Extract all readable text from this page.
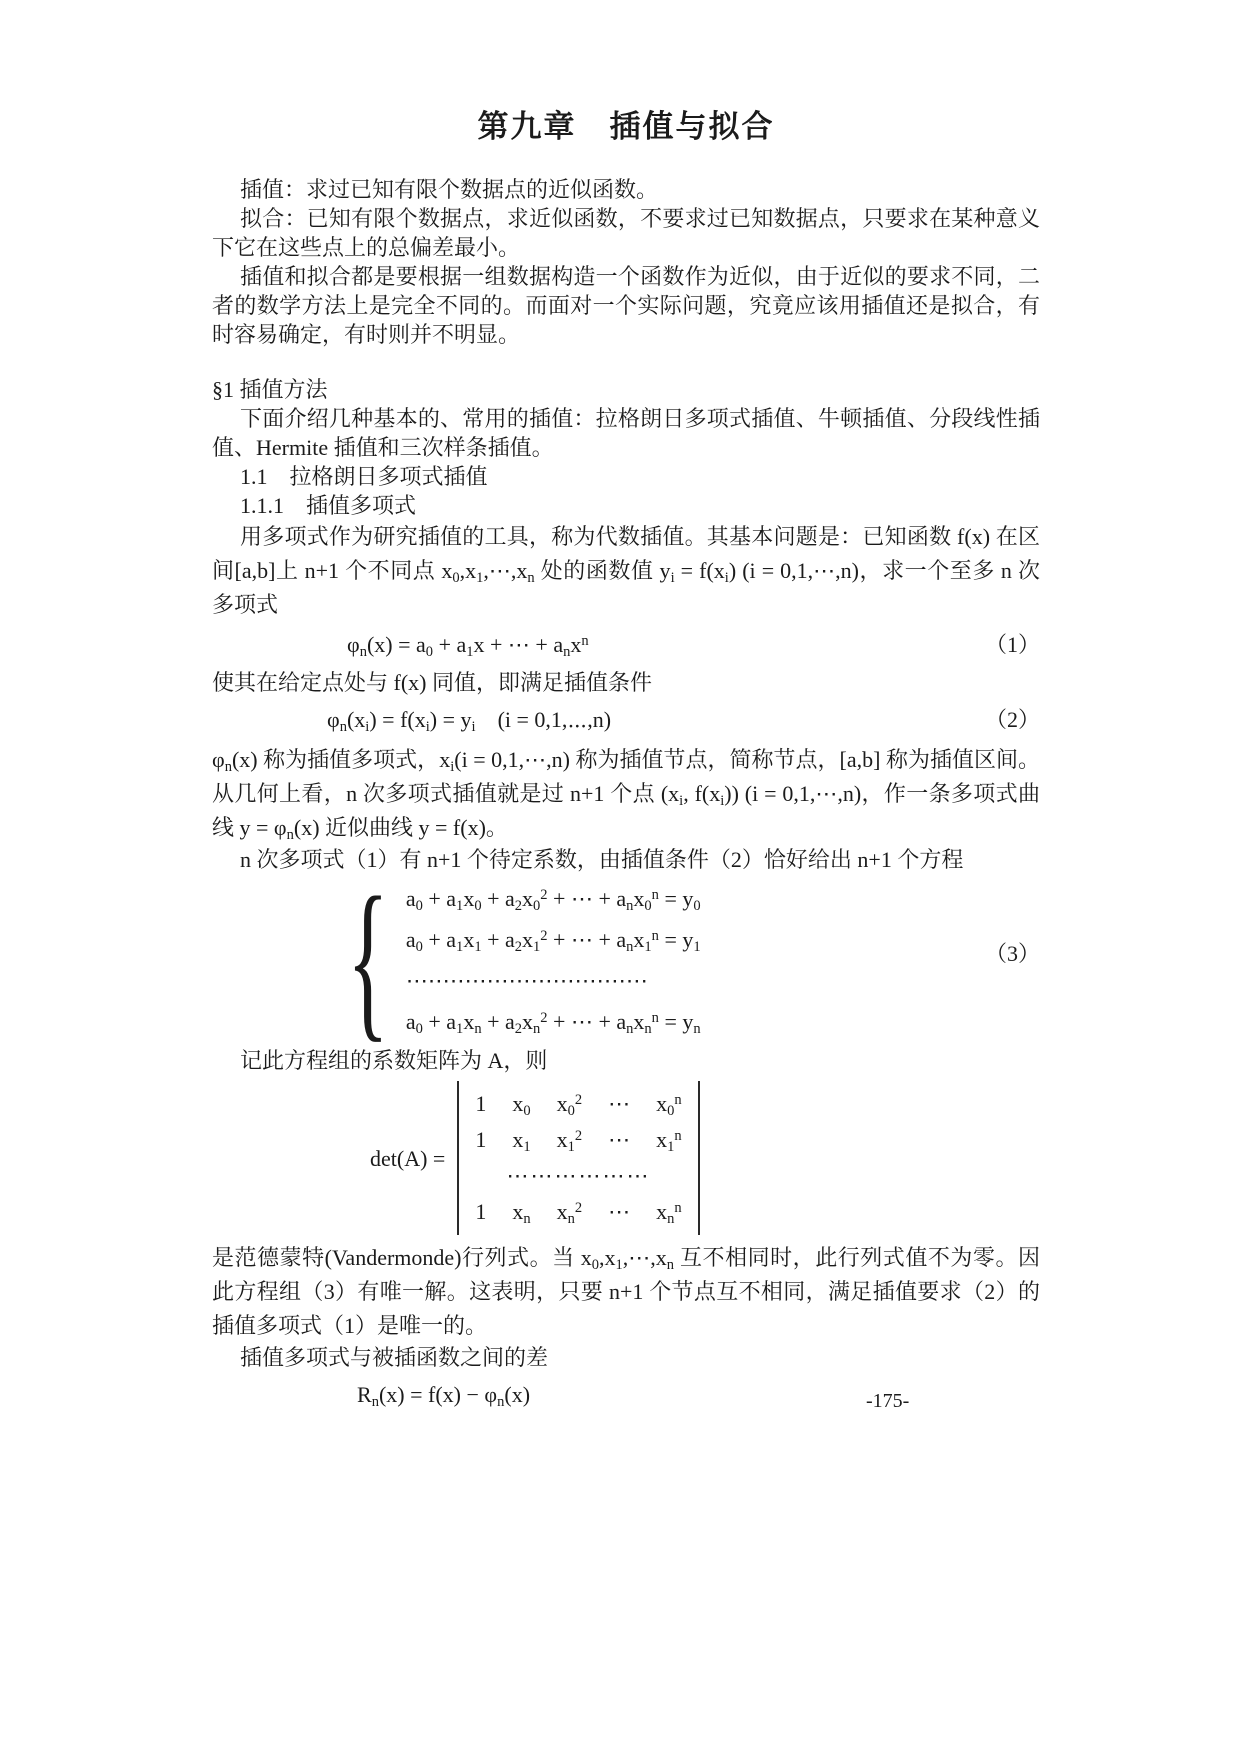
第九章　插值与拟合

插值：求过已知有限个数据点的近似函数。

拟合：已知有限个数据点，求近似函数，不要求过已知数据点，只要求在某种意义下它在这些点上的总偏差最小。

插值和拟合都是要根据一组数据构造一个函数作为近似，由于近似的要求不同，二者的数学方法上是完全不同的。而面对一个实际问题，究竟应该用插值还是拟合，有时容易确定，有时则并不明显。

§1 插值方法

下面介绍几种基本的、常用的插值：拉格朗日多项式插值、牛顿插值、分段线性插值、Hermite 插值和三次样条插值。

1.1　拉格朗日多项式插值

1.1.1　插值多项式

用多项式作为研究插值的工具，称为代数插值。其基本问题是：已知函数 f(x) 在区间[a,b]上 n+1 个不同点 $x_0,x_1,\cdots,x_n$ 处的函数值 $y_i = f(x_i) (i$ = 0,1,⋯,n)，求一个至多 n 次多项式

$\varphi_n(x) = a_0 + a_1x$ + ⋯ + $a_nx^n$	（1）

使其在给定点处与 f(x) 同值，即满足插值条件

$\varphi_n(x_i) = f(x_i) = y_i$　(i = 0,1,⋯,n)	（2）

$\varphi_n(x)$ 称为插值多项式，$x_i(i$ = 0,1,⋯,n) 称为插值节点，简称节点，[a,b] 称为插值区间。从几何上看，n 次多项式插值就是过 n+1 个点 ($x_i$, $f(x_i)$) (i = 0,1,⋯,n)，作一条多项式曲线 $y = \varphi_n(x)$ 近似曲线 y = f(x)。

n 次多项式（1）有 n+1 个待定系数，由插值条件（2）恰好给出 n+1 个方程

{ $a_0 + a_1x_0 + a_2x_0^2$ + ⋯ + $a_nx_0^n = y_0$
$a_0 + a_1x_1 + a_2x_1^2$ + ⋯ + $a_nx_1^n = y_1$
⋯⋯⋯⋯⋯⋯⋯⋯⋯⋯⋯
$a_0 + a_1x_n + a_2x_n^2$ + ⋯ + $a_nx_n^n = y_n$
（3）

记此方程组的系数矩阵为 A，则

det(A) =
1 $x_0$ $x_0^2$ ⋯ $x_0^n$
1 $x_1$ $x_1^2$ ⋯ $x_1^n$
⋯⋯⋯⋯⋯⋯
1 $x_n$ $x_n^2$ ⋯ $x_n^n$

是范德蒙特(Vandermonde)行列式。当 $x_0,x_1,\cdots,x_n$ 互不相同时，此行列式值不为零。因此方程组（3）有唯一解。这表明，只要 n+1 个节点互不相同，满足插值要求（2）的插值多项式（1）是唯一的。

插值多项式与被插函数之间的差

$R_n(x) = f(x) - \varphi_n(x)$	-175-
